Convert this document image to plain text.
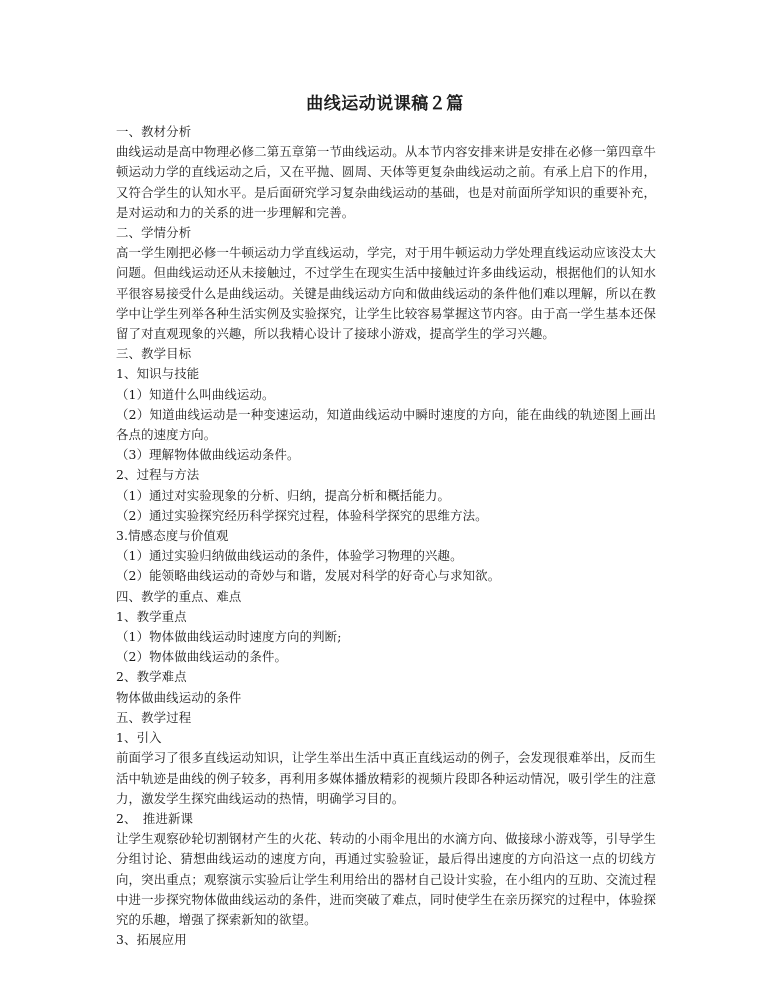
曲线运动说课稿２篇

一、教材分析

曲线运动是高中物理必修二第五章第一节曲线运动。从本节内容安排来讲是安排在必修一第四章牛顿运动力学的直线运动之后，又在平抛、圆周、天体等更复杂曲线运动之前。有承上启下的作用，又符合学生的认知水平。是后面研究学习复杂曲线运动的基础，也是对前面所学知识的重要补充，是对运动和力的关系的进一步理解和完善。

二、学情分析

高一学生刚把必修一牛顿运动力学直线运动，学完，对于用牛顿运动力学处理直线运动应该没太大问题。但曲线运动还从未接触过，不过学生在现实生活中接触过许多曲线运动，根据他们的认知水平很容易接受什么是曲线运动。关键是曲线运动方向和做曲线运动的条件他们难以理解，所以在教学中让学生列举各种生活实例及实验探究，让学生比较容易掌握这节内容。由于高一学生基本还保留了对直观现象的兴趣，所以我精心设计了接球小游戏，提高学生的学习兴趣。

三、教学目标

1、知识与技能

（1）知道什么叫曲线运动。

（2）知道曲线运动是一种变速运动，知道曲线运动中瞬时速度的方向，能在曲线的轨迹图上画出各点的速度方向。

（3）理解物体做曲线运动条件。

2、过程与方法

（1）通过对实验现象的分析、归纳，提高分析和概括能力。

（2）通过实验探究经历科学探究过程，体验科学探究的思维方法。

3.情感态度与价值观

（1）通过实验归纳做曲线运动的条件，体验学习物理的兴趣。

（2）能领略曲线运动的奇妙与和谐，发展对科学的好奇心与求知欲。

四、教学的重点、难点

1、教学重点

（1）物体做曲线运动时速度方向的判断;

（2）物体做曲线运动的条件。

2、教学难点

物体做曲线运动的条件

五、教学过程

1、引入

前面学习了很多直线运动知识，让学生举出生活中真正直线运动的例子，会发现很难举出，反而生活中轨迹是曲线的例子较多，再利用多媒体播放精彩的视频片段即各种运动情况，吸引学生的注意力，激发学生探究曲线运动的热情，明确学习目的。

2、　推进新课

让学生观察砂轮切割钢材产生的火花、转动的小雨伞甩出的水滴方向、做接球小游戏等，引导学生分组讨论、猜想曲线运动的速度方向，再通过实验验证，最后得出速度的方向沿这一点的切线方向，突出重点；观察演示实验后让学生利用给出的器材自己设计实验，在小组内的互助、交流过程中进一步探究物体做曲线运动的条件，进而突破了难点，同时使学生在亲历探究的过程中，体验探究的乐趣，增强了探索新知的欲望。

3、拓展应用
